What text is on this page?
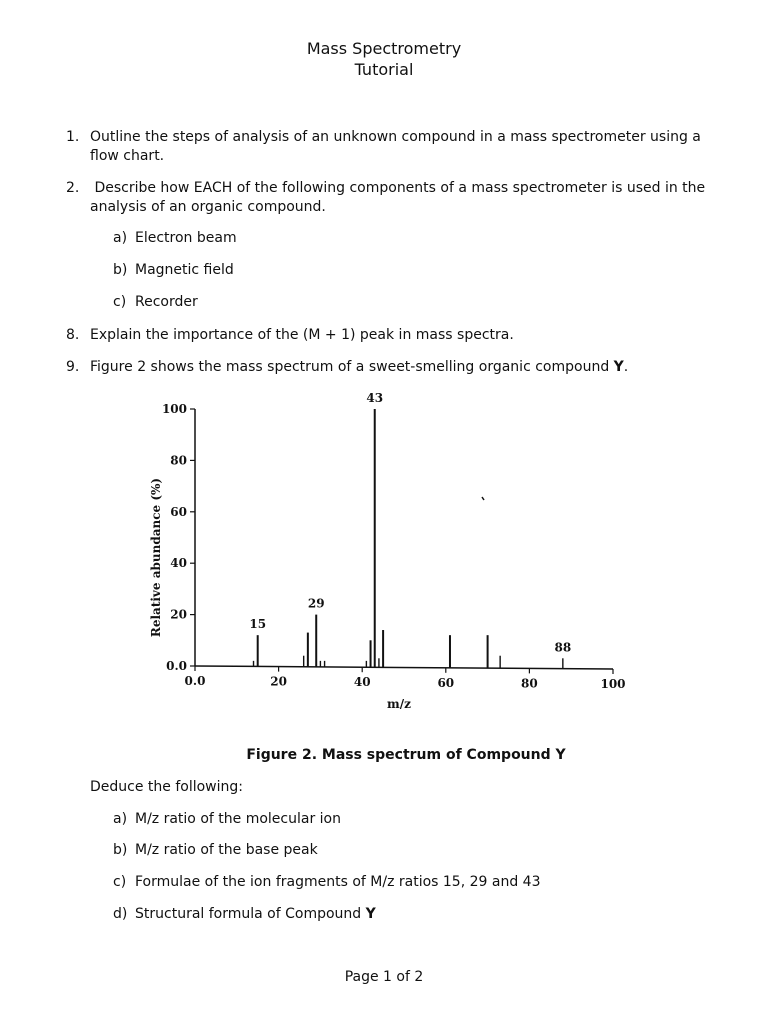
Mass Spectrometry
Tutorial
1. Outline the steps of analysis of an unknown compound in a mass spectrometer using a flow chart.
2. Describe how EACH of the following components of a mass spectrometer is used in the analysis of an organic compound.
a) Electron beam
b) Magnetic field
c) Recorder
8. Explain the importance of the (M + 1) peak in mass spectra.
9. Figure 2 shows the mass spectrum of a sweet-smelling organic compound Y.
0.0
20
40
60
80
100
0.0	20	40	60	80	100
15
29
43
88
m/z
Relative abundance (%)
Figure 2. Mass spectrum of Compound Y
Deduce the following:
a) M/z ratio of the molecular ion
b) M/z ratio of the base peak
c) Formulae of the ion fragments of M/z ratios 15, 29 and 43
d) Structural formula of Compound Y
Page 1 of 2
